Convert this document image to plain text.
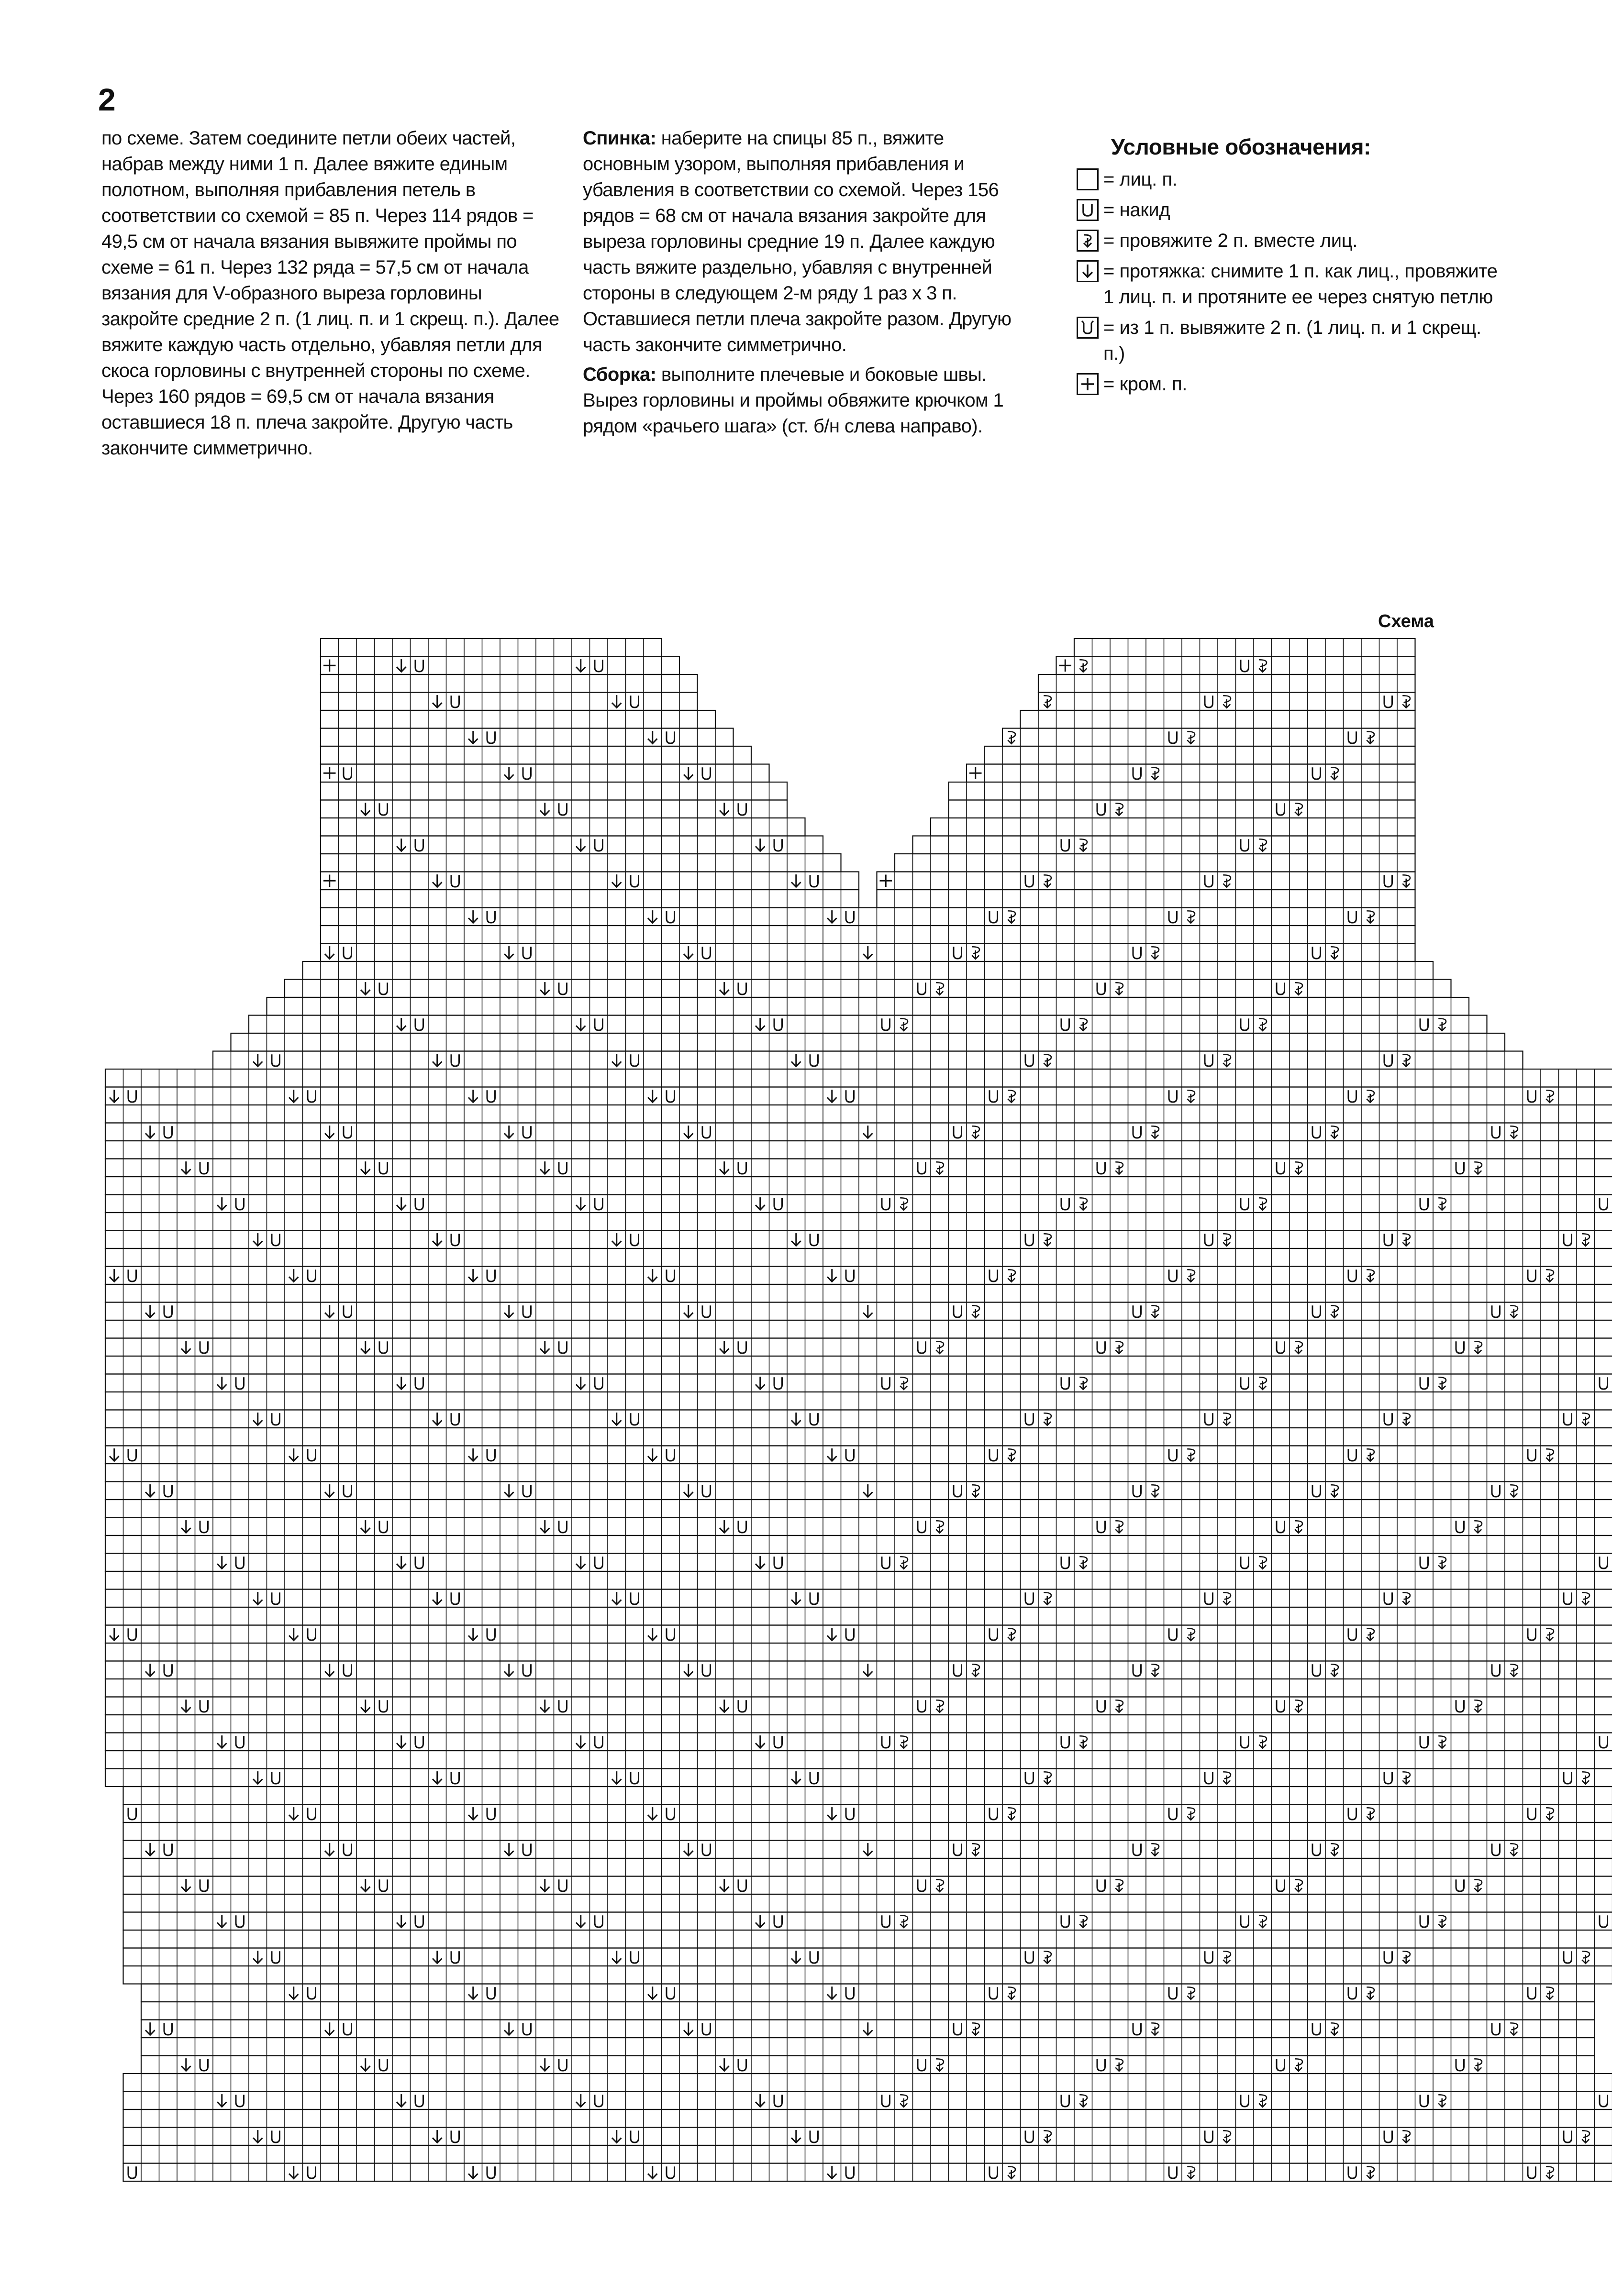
2

по схеме. Затем соедините петли обеих частей, набрав между ними 1 п. Далее вяжите единым полотном, выполняя прибавления петель в соответствии со схемой = 85 п. Через 114 рядов = 49,5 см от начала вязания вывяжите проймы по схеме = 61 п. Через 132 ряда = 57,5 см от начала вязания для V-образного выреза горловины закройте средние 2 п. (1 лиц. п. и 1 скрещ. п.). Далее вяжите каждую часть отдельно, убавляя петли для скоса горловины с внутренней стороны по схеме. Через 160 рядов = 69,5 см от начала вязания оставшиеся 18 п. плеча закройте. Другую часть закончите симметрично.

Спинка: наберите на спицы 85 п., вяжите основным узором, выполняя прибавления и убавления в соответствии со схемой. Через 156 рядов = 68 см от начала вязания закройте для выреза горловины средние 19 п. Далее каждую часть вяжите раздельно, убавляя с внутренней стороны в следующем 2-м ряду 1 раз x 3 п. Оставшиеся петли плеча закройте разом. Другую часть закончите симметрично.

Сборка: выполните плечевые и боковые швы. Вырез горловины и проймы обвяжите крючком 1 рядом «рачьего шага» (ст. б/н слева направо).

Условные обозначения:
= лиц. п.
= накид
= провяжите 2 п. вместе лиц.
= протяжка: снимите 1 п. как лиц., провяжите 1 лиц. п. и протяните ее через снятую петлю
= из 1 п. вывяжите 2 п. (1 лиц. п. и 1 скрещ. п.)
= кром. п.
Схема
